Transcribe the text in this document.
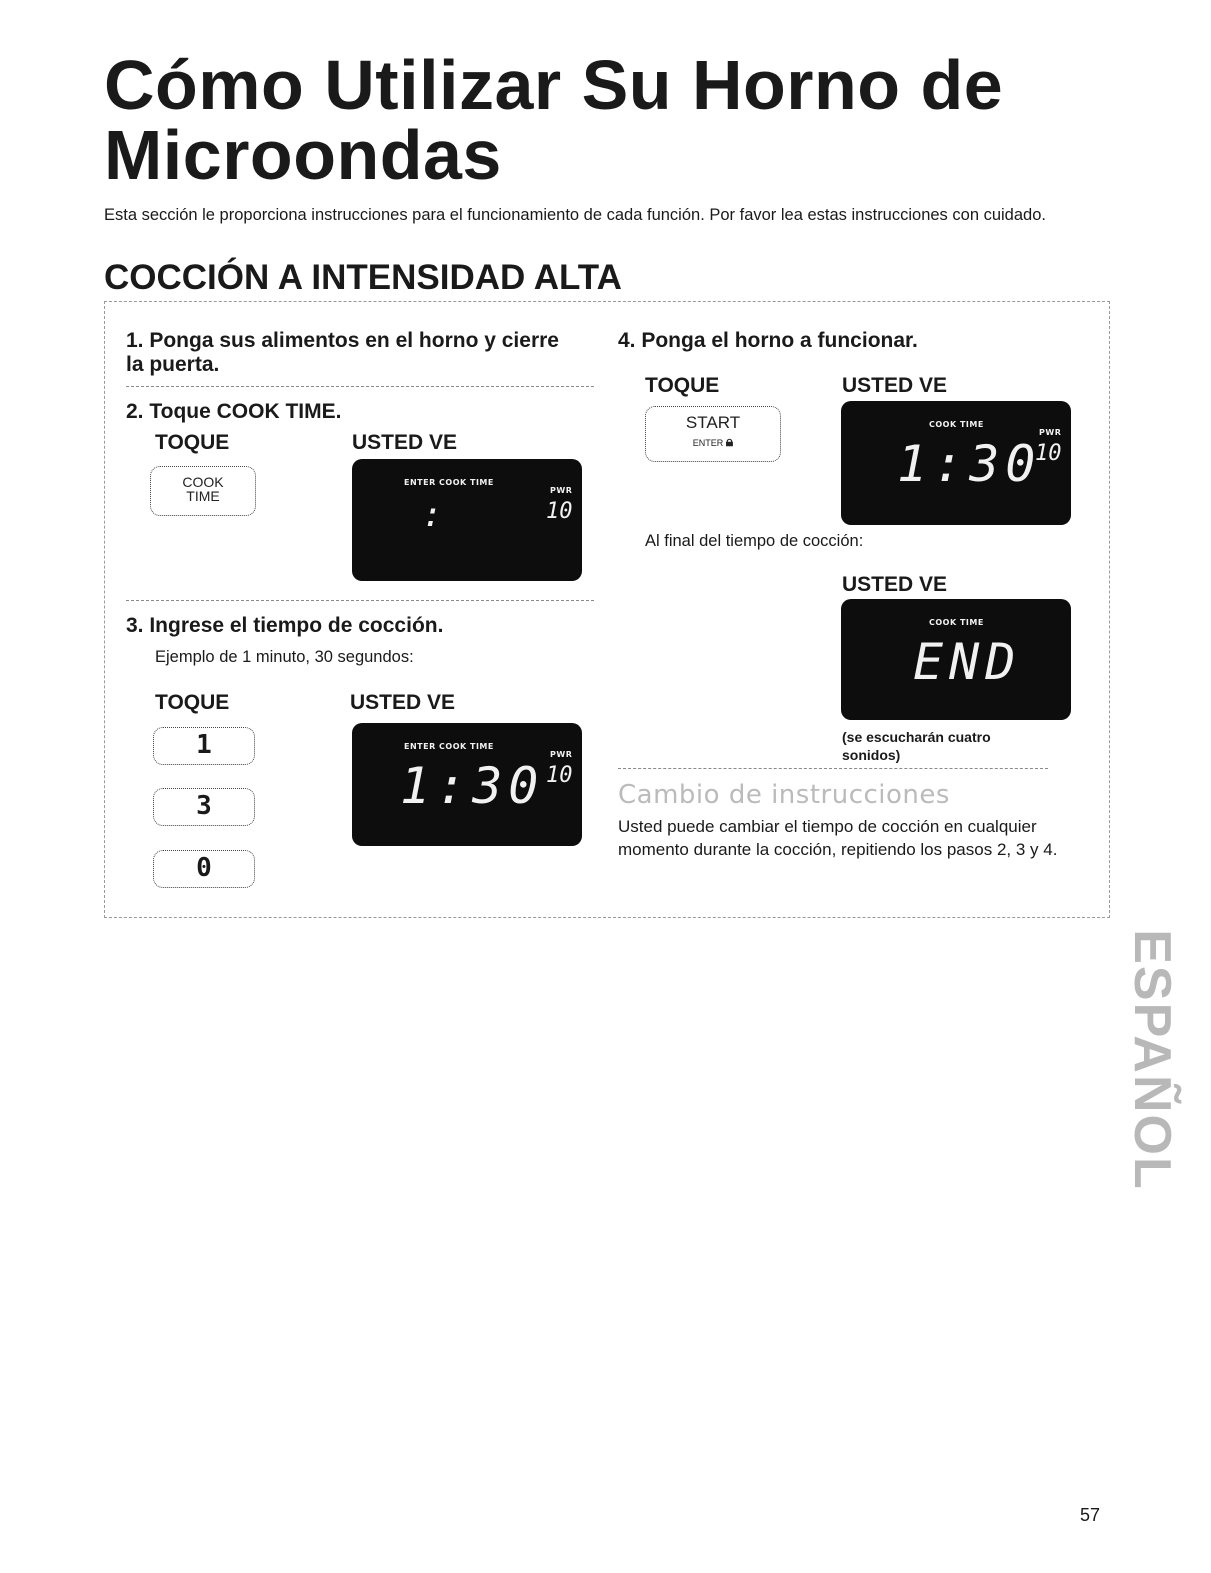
Cómo Utilizar Su Horno de Microondas
Esta sección le proporciona instrucciones para el funcionamiento de cada función. Por favor lea estas instrucciones con cuidado.
COCCIÓN A INTENSIDAD ALTA
1. Ponga sus alimentos en el horno y cierre la puerta.
2. Toque COOK TIME.
TOQUE	USTED VE
COOK
TIME
ENTER COOK TIME
PWR
:	10
3. Ingrese el tiempo de cocción.
Ejemplo de 1 minuto, 30 segundos:
TOQUE	USTED VE
1
3
0
ENTER COOK TIME
PWR
1:30 10
4. Ponga el horno a funcionar.
TOQUE	USTED VE
START
ENTER 🔒︎
COOK TIME
PWR
1:30
10
Al final del tiempo de cocción:
USTED VE
COOK TIME
END
(se escucharán cuatro sonidos)
Cambio de instrucciones
Usted puede cambiar el tiempo de cocción en cualquier momento durante la cocción, repitiendo los pasos 2, 3 y 4.
ESPAÑOL
57
